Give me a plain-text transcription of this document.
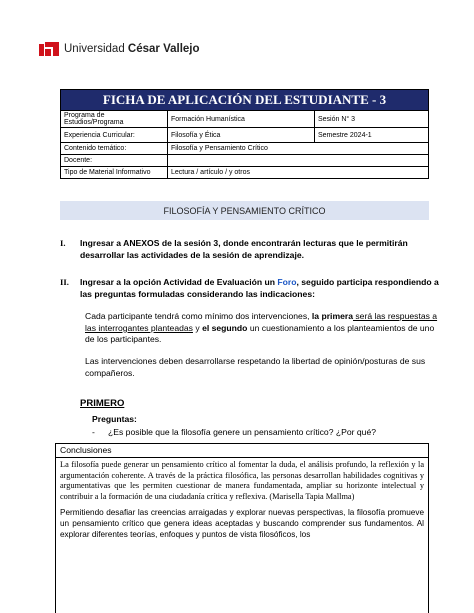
Universidad César Vallejo
FICHA DE APLICACIÓN DEL ESTUDIANTE - 3		
Programa de Estudios/Programa	Formación Humanística	Sesión N° 3
Experiencia Curricular:	Filosofía y Ética	Semestre 2024-1
Contenido temático:	Filosofía y Pensamiento Crítico	
Docente:		
Tipo de Material Informativo	Lectura / artículo / y otros	
FILOSOFÍA Y PENSAMIENTO CRÍTICO
I. Ingresar a ANEXOS de la sesión 3, donde encontrarán lecturas que le permitirán desarrollar las actividades de la sesión de aprendizaje.
II. Ingresar a la opción Actividad de Evaluación un Foro, seguido participa respondiendo a las preguntas formuladas considerando las indicaciones:
Cada participante tendrá como mínimo dos intervenciones, la primera será las respuestas a las interrogantes planteadas y el segundo un cuestionamiento a los planteamientos de uno de los participantes.
Las intervenciones deben desarrollarse respetando la libertad de opinión/posturas de sus compañeros.
PRIMERO
Preguntas:
- ¿Es posible que la filosofía genere un pensamiento crítico? ¿Por qué?
Conclusiones
La filosofía puede generar un pensamiento crítico al fomentar la duda, el análisis profundo, la reflexión y la argumentación coherente. A través de la práctica filosófica, las personas desarrollan habilidades cognitivas y argumentativas que les permiten cuestionar de manera fundamentada, ampliar su horizonte intelectual y contribuir a la formación de una ciudadanía crítica y reflexiva. (Marisella Tapia Mallma)
Permitiendo desafiar las creencias arraigadas y explorar nuevas perspectivas, la filosofía promueve un pensamiento crítico que genera ideas aceptadas y buscando comprender sus fundamentos. Al explorar diferentes teorías, enfoques y puntos de vista filosóficos, los
